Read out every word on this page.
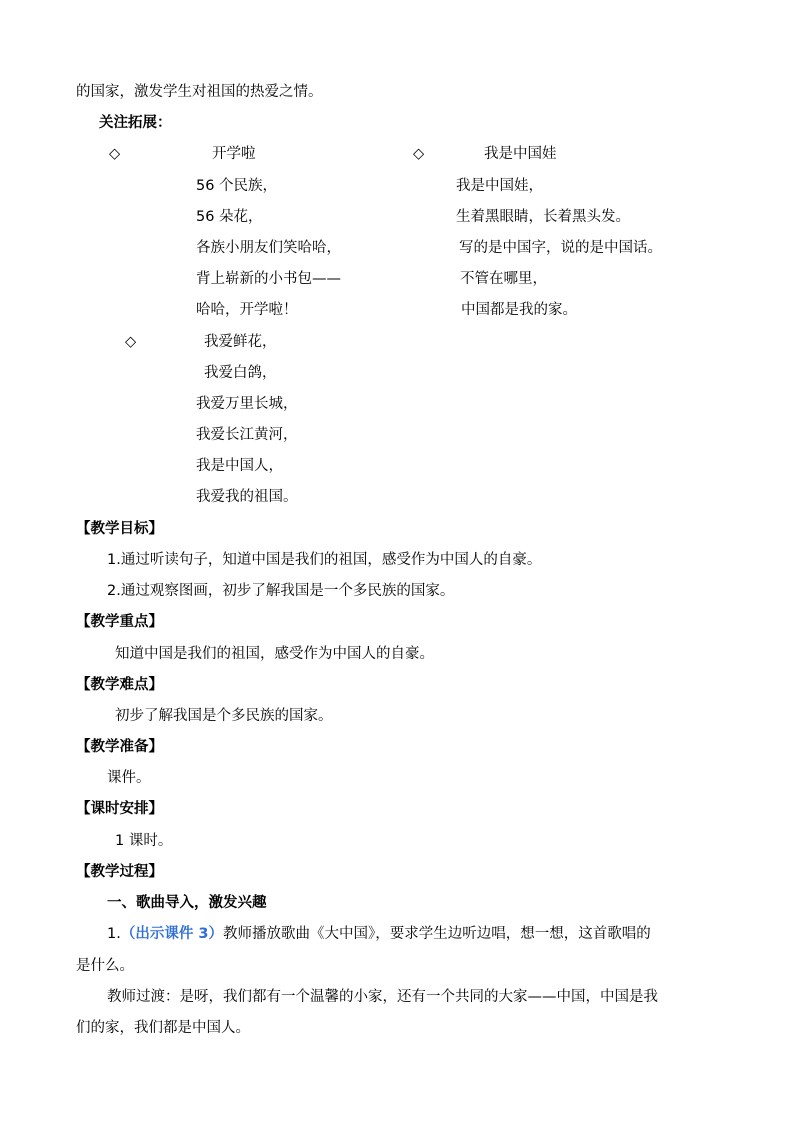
的国家，激发学生对祖国的热爱之情。
关注拓展：
◇	开学啦
56 个民族，
56 朵花，
各族小朋友们笑哈哈，
背上崭新的小书包——
哈哈，开学啦！
◇	我是中国娃
我是中国娃，
生着黑眼睛，长着黑头发。
写的是中国字，说的是中国话。
不管在哪里，
中国都是我的家。
◇	我爱鲜花，
我爱白鸽，
我爱万里长城，
我爱长江黄河，
我是中国人，
我爱我的祖国。
【教学目标】
1.通过听读句子，知道中国是我们的祖国，感受作为中国人的自豪。
2.通过观察图画，初步了解我国是一个多民族的国家。
【教学重点】
知道中国是我们的祖国，感受作为中国人的自豪。
【教学难点】
初步了解我国是个多民族的国家。
【教学准备】
课件。
【课时安排】
1 课时。
【教学过程】
一、歌曲导入，激发兴趣
1.（出示课件 3）教师播放歌曲《大中国》，要求学生边听边唱，想一想，这首歌唱的
是什么。
教师过渡：是呀，我们都有一个温馨的小家，还有一个共同的大家——中国，中国是我
们的家，我们都是中国人。
